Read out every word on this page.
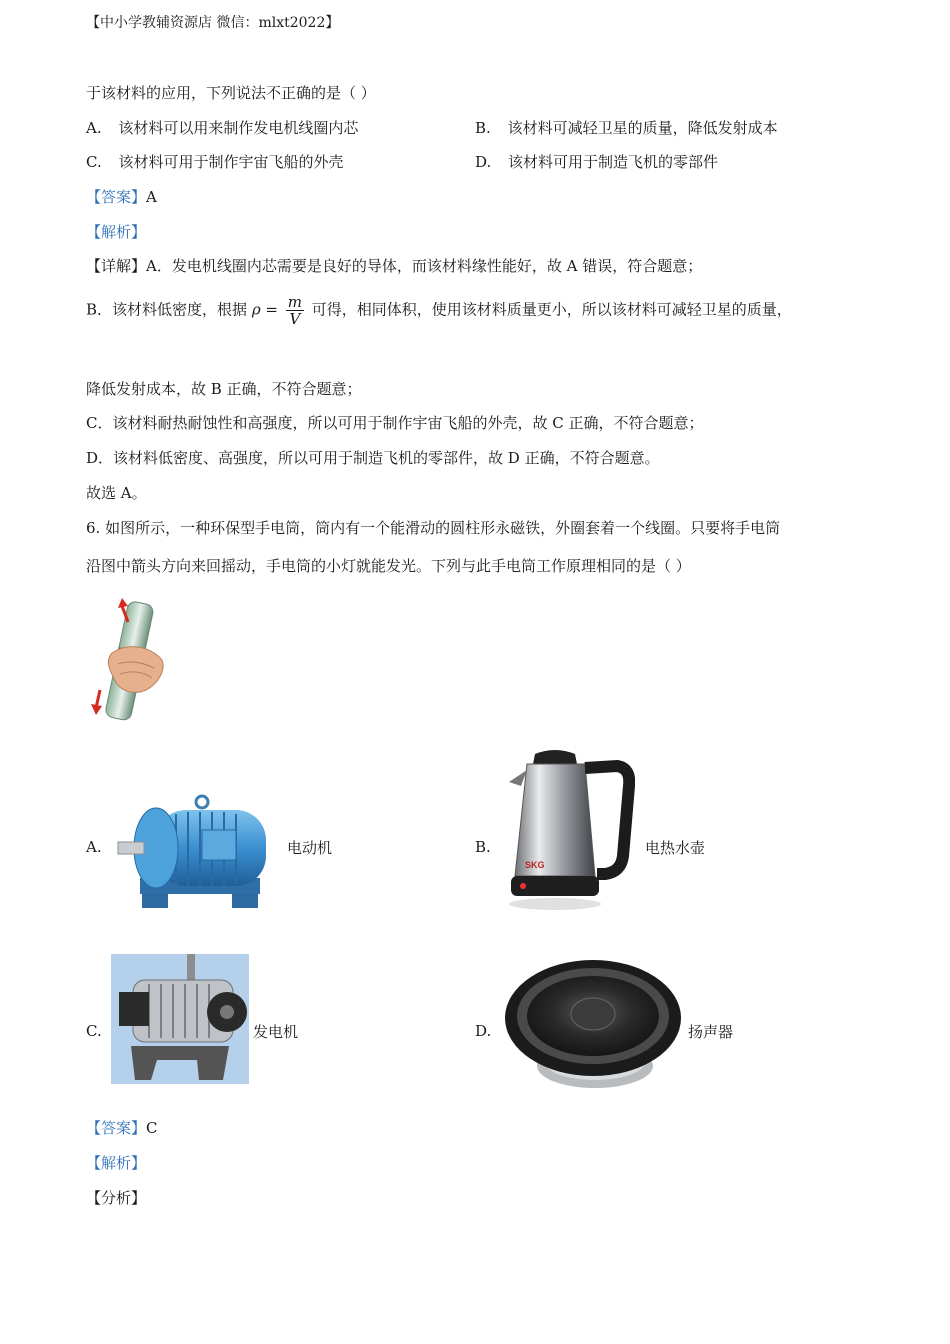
【中小学教辅资源店 微信：mlxt2022】
于该材料的应用，下列说法不正确的是（ ）
A. 该材料可以用来制作发电机线圈内芯	B. 该材料可减轻卫星的质量，降低发射成本
C. 该材料可用于制作宇宙飞船的外壳	D. 该材料可用于制造飞机的零部件
【答案】A
【解析】
【详解】A．发电机线圈内芯需要是良好的导体，而该材料缘性能好，故 A 错误，符合题意；
B．该材料低密度，根据 $\rho = \frac{m}{V}$ 可得，相同体积，使用该材料质量更小，所以该材料可减轻卫星的质量，
降低发射成本，故 B 正确，不符合题意；
C．该材料耐热耐蚀性和高强度，所以可用于制作宇宙飞船的外壳，故 C 正确，不符合题意；
D．该材料低密度、高强度，所以可用于制造飞机的零部件，故 D 正确，不符合题意。
故选 A。
6. 如图所示，一种环保型手电筒，筒内有一个能滑动的圆柱形永磁铁，外圈套着一个线圈。只要将手电筒
沿图中箭头方向来回摇动，手电筒的小灯就能发光。下列与此手电筒工作原理相同的是（ ）
A.	电动机	B.
SKG
电热水壶
C.	发电机	D.	扬声器
【答案】C
【解析】
【分析】
